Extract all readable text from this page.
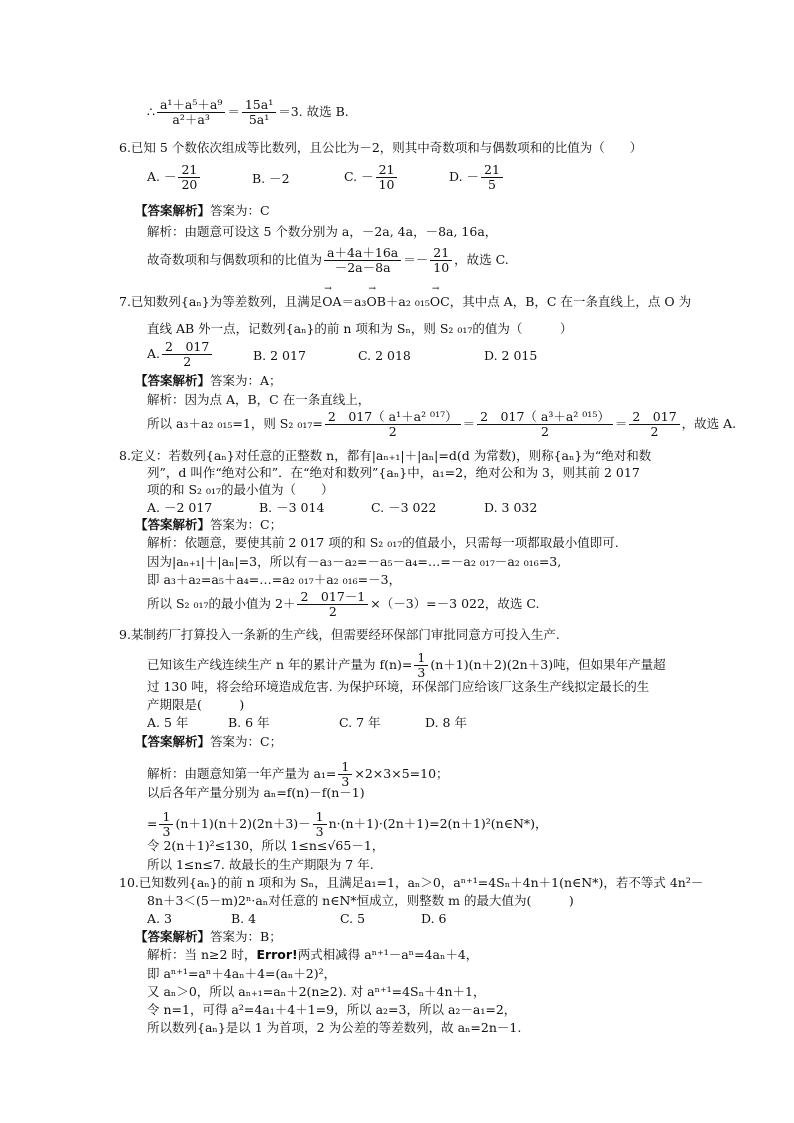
∴ $\frac{\text{a¹＋a⁵＋a⁹}}{\text{a²＋a³}} = \frac{\text{15a¹}}{\text{5a¹}} =3$. 故选 B.
6.已知 5 个数依次组成等比数列，且公比为－2，则其中奇数项和与偶数项和的比值为（　　）
A. － $\frac{21}{20}$	B. －2	C. － $\frac{21}{10}$	D. － $\frac{21}{5}$
【答案解析】答案为：C
解析：由题意可设这 5 个数分别为 a，－2a, 4a，－8a, 16a，
故奇数项和与偶数项和的比值为 $\frac{a+4a+16a}{-2a-8a} =- \frac{21}{10}$ ，故选 C.
7.已知数列{aₙ}为等差数列，且满足→ OA＝a₃→ OB＋a₂ ₀₁₅→ OC，其中点 A，B，C 在一条直线上，点 O 为
直线 AB 外一点，记数列{aₙ}的前 n 项和为 Sₙ，则 S₂ ₀₁₇的值为（　　　）
A. $\frac{2 017}{2}$	B. 2 017	C. 2 018	D. 2 015
【答案解析】答案为：A；
解析：因为点 A，B，C 在一条直线上，
所以 a₃＋a₂ ₀₁₅=1，则 S₂ $_{017}= \frac{\text{2　017（ a¹＋a² ⁰¹⁷）}}{2} = \frac{\text{2　017（ a³＋a² ⁰¹⁵）}}{2} = \frac{2 017}{2}$ ，故选 A.
8.定义：若数列{aₙ}对任意的正整数 n，都有|aₙ₊₁|＋|aₙ|=d(d 为常数)，则称{aₙ}为“绝对和数
列”，d 叫作“绝对公和”．在“绝对和数列”{aₙ}中，a₁=2，绝对公和为 3，则其前 2 017
项的和 S₂ ₀₁₇的最小值为（　　）
A. －2 017	B. －3 014	C. －3 022	D. 3 032
【答案解析】答案为：C；
解析：依题意，要使其前 2 017 项的和 S₂ ₀₁₇的值最小，只需每一项都取最小值即可.
因为|aₙ₊₁|＋|aₙ|=3，所以有－a₃－a₂=－a₅－a₄=…=－a₂ ₀₁₇－a₂ ₀₁₆=3,
即 a₃＋a₂=a₅＋a₄=…=a₂ ₀₁₇＋a₂ ₀₁₆=－3，
所以 S₂ ₀₁₇的最小值为 $2+ \frac{2 017-1}{2} \times(-3)=-3$ 022，故选 C.
9.某制药厂打算投入一条新的生产线，但需要经环保部门审批同意方可投入生产.
已知该生产线连续生产 n 年的累计产量为 $f(n)= \frac{1}{3} (n+1)(n+2)(2n+3)$吨，但如果年产量超
过 130 吨，将会给环境造成危害. 为保护环境，环保部门应给该厂这条生产线拟定最长的生
产期限是(　　　)
A. 5 年	B. 6 年	C. 7 年	D. 8 年
【答案解析】答案为：C；
解析：由题意知第一年产量为 $a_1= \frac{1}{3} \times 2\times 3\times 5=10$；
以后各年产量分别为 aₙ=f(n)－f(n－1)
= $\frac{1}{3} (n+1)(n+2)(2n+3)- \frac{1}{3}$ n·(n＋1)·(2n＋1)=2(n＋1)²(n∈N*)，
令 2(n＋1)²≤130，所以 1≤n≤√65－1，
所以 1≤n≤7. 故最长的生产期限为 7 年.
10.已知数列{aₙ}的前 n 项和为 Sₙ，且满足a₁=1，aₙ＞0，aⁿ⁺¹=4Sₙ＋4n＋1(n∈N*)，若不等式 4n²－
8n＋3＜(5－m)2ⁿ·aₙ对任意的 n∈N*恒成立，则整数 m 的最大值为(　　　)
A. 3	B. 4	C. 5	D. 6
【答案解析】答案为：B；
解析：当 n≥2 时，Error!两式相减得 aⁿ⁺¹－aⁿ=4aₙ＋4，
即 aⁿ⁺¹=aⁿ＋4aₙ＋4=(aₙ＋2)²，
又 aₙ＞0，所以 aₙ₊₁=aₙ＋2(n≥2). 对 aⁿ⁺¹=4Sₙ＋4n＋1，
令 n=1，可得 a²=4a₁＋4＋1=9，所以 a₂=3，所以 a₂－a₁=2，
所以数列{aₙ}是以 1 为首项，2 为公差的等差数列，故 aₙ=2n－1.
